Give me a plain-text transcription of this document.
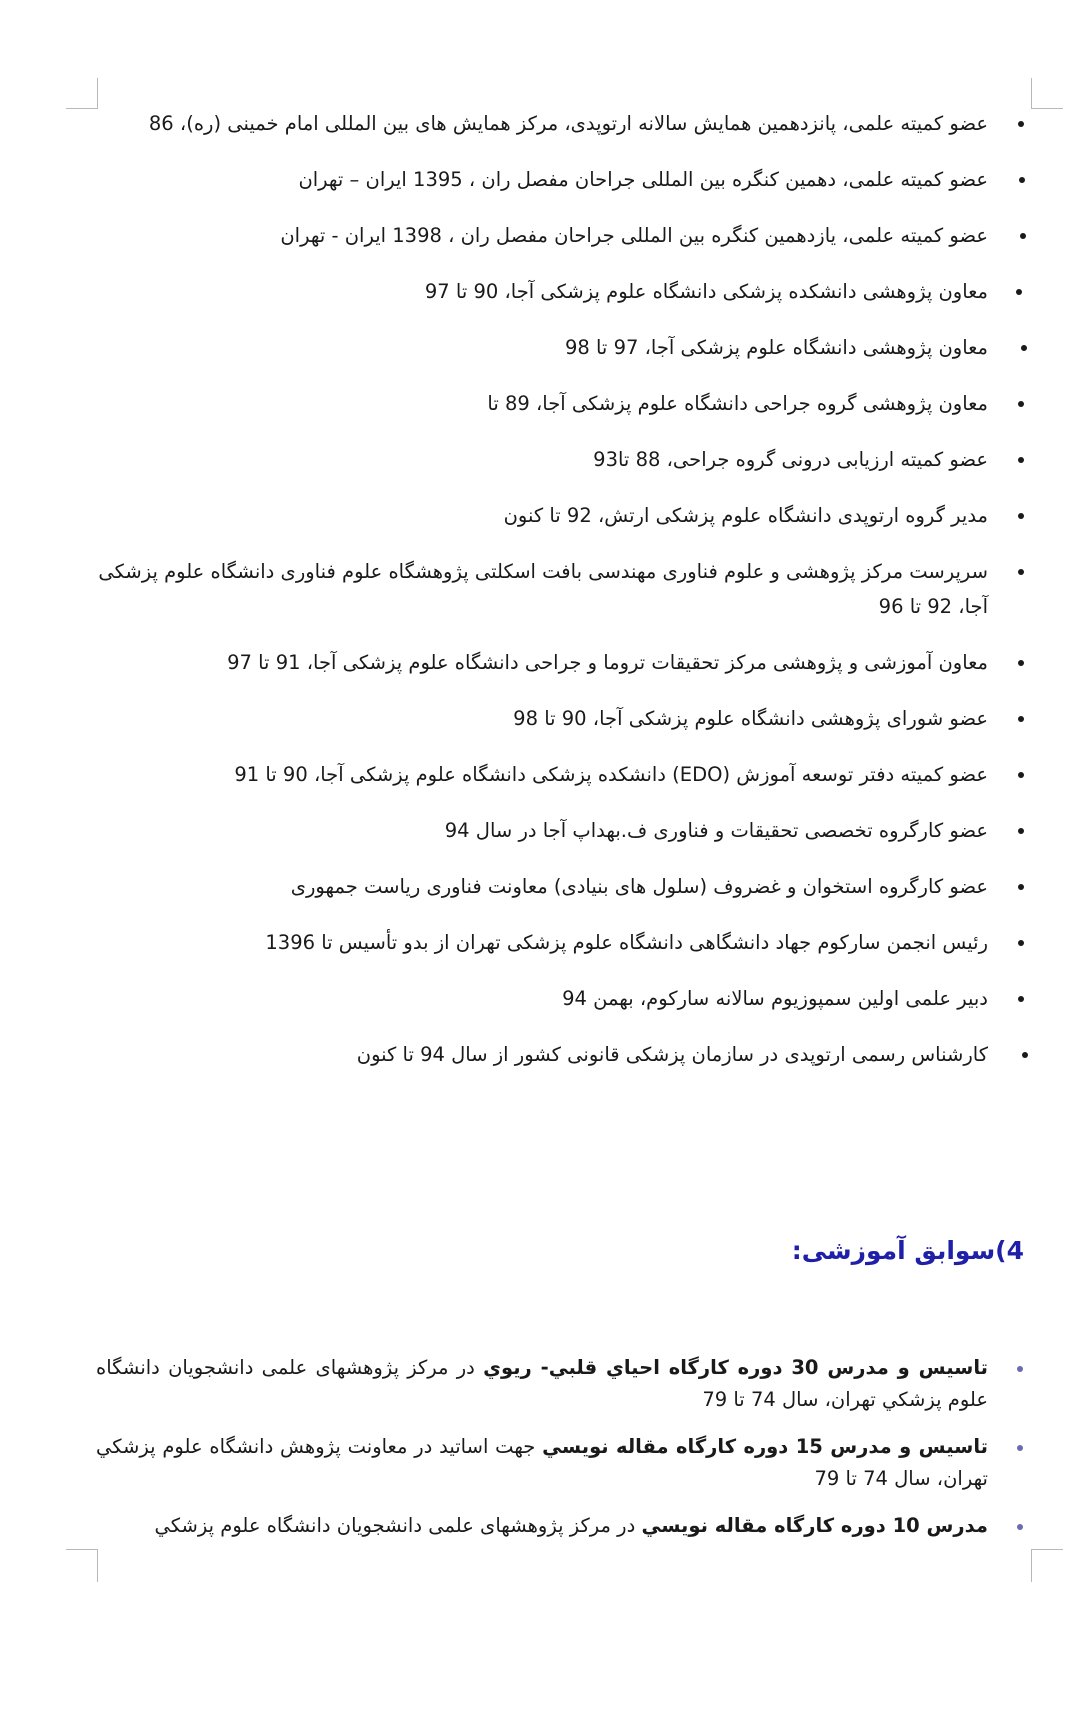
عضو کمیته علمی، پانزدهمین همایش سالانه ارتوپدی، مرکز همایش های بین المللی امام خمینی (ره)، 86
عضو کمیته علمی، دهمین کنگره بین المللی جراحان مفصل ران ، 1395 ایران – تهران
عضو کمیته علمی، یازدهمین کنگره بین المللی جراحان مفصل ران ، 1398 ایران - تهران
معاون پژوهشی دانشکده پزشکی دانشگاه علوم پزشکی آجا، 90 تا 97
معاون پژوهشی دانشگاه علوم پزشکی آجا، 97 تا 98
معاون پژوهشی گروه جراحی دانشگاه علوم پزشکی آجا، 89 تا
عضو کمیته ارزیابی درونی گروه جراحی، 88 تا93
مدیر گروه ارتوپدی دانشگاه علوم پزشکی ارتش، 92 تا کنون
سرپرست مرکز پژوهشی و علوم فناوری مهندسی بافت اسکلتی پژوهشگاه علوم فناوری دانشگاه علوم پزشکی آجا، 92 تا 96
معاون آموزشی و پژوهشی مرکز تحقیقات تروما و جراحی دانشگاه علوم پزشکی آجا، 91 تا 97
عضو شورای پژوهشی دانشگاه علوم پزشکی آجا، 90 تا 98
عضو کمیته دفتر توسعه آموزش (EDO) دانشکده پزشکی دانشگاه علوم پزشکی آجا، 90 تا 91
عضو کارگروه تخصصی تحقیقات و فناوری ف.بهداپ آجا در سال 94
عضو کارگروه استخوان و غضروف (سلول های بنیادی) معاونت فناوری ریاست جمهوری
رئیس انجمن سارکوم جهاد دانشگاهی دانشگاه علوم پزشکی تهران از بدو تأسیس تا 1396
دبیر علمی اولین سمپوزیوم سالانه سارکوم، بهمن 94
کارشناس رسمی ارتوپدی در سازمان پزشکی قانونی کشور از سال 94 تا کنون
4)سوابق آموزشی:
تاسيس و مدرس 30 دوره كارگاه احياي قلبي- ريوي در مرکز پژوهشهای علمی دانشجویان دانشگاه علوم پزشكي تهران، سال 74 تا 79
تاسيس و مدرس 15 دوره كارگاه مقاله نويسي جهت اساتید در معاونت پژوهش دانشگاه علوم پزشكي تهران، سال 74 تا 79
مدرس 10 دوره كارگاه مقاله نويسي در مرکز پژوهشهای علمی دانشجویان دانشگاه علوم پزشكي
